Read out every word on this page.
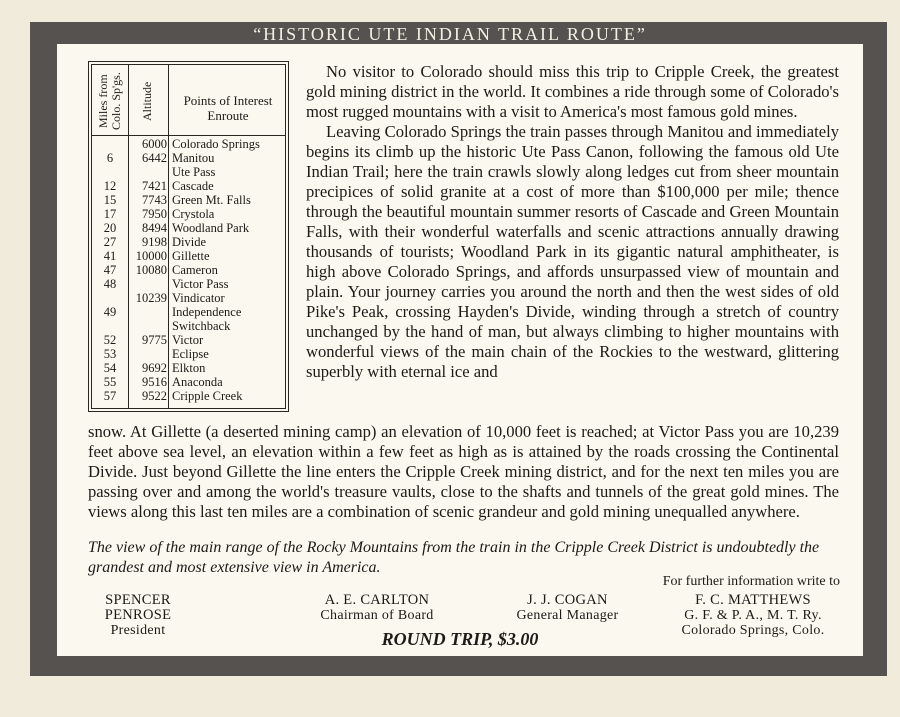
“HISTORIC UTE INDIAN TRAIL ROUTE”
Miles from Colo. Sp'gs. Altitude	Points of Interest Enroute
6000 Colorado Springs
6	6442 Manitou
Ute Pass
12	7421 Cascade
15	7743 Green Mt. Falls
17	7950 Crystola
20	8494 Woodland Park
27	9198 Divide
41	10000 Gillette
47	10080 Cameron
48	Victor Pass
10239 Vindicator
49	Independence
Switchback
52	9775 Victor
53	Eclipse
54	9692 Elkton
55	9516 Anaconda
57	9522 Cripple Creek

No visitor to Colorado should miss this trip to Cripple Creek, the greatest gold mining district in the world. It combines a ride through some of Colorado's most rugged mountains with a visit to America's most famous gold mines.

Leaving Colorado Springs the train passes through Manitou and immediately begins its climb up the historic Ute Pass Canon, following the famous old Ute Indian Trail; here the train crawls slowly along ledges cut from sheer mountain precipices of solid granite at a cost of more than $100,000 per mile; thence through the beautiful mountain summer resorts of Cascade and Green Mountain Falls, with their wonderful waterfalls and scenic attractions annually drawing thousands of tourists; Woodland Park in its gigantic natural amphitheater, is high above Colorado Springs, and affords unsurpassed view of mountain and plain. Your journey carries you around the north and then the west sides of old Pike's Peak, crossing Hayden's Divide, winding through a stretch of country unchanged by the hand of man, but always climbing to higher mountains with wonderful views of the main chain of the Rockies to the westward, glittering superbly with eternal ice and

snow. At Gillette (a deserted mining camp) an elevation of 10,000 feet is reached; at Victor Pass you are 10,239 feet above sea level, an elevation within a few feet as high as is attained by the roads crossing the Continental Divide. Just beyond Gillette the line enters the Cripple Creek mining district, and for the next ten miles you are passing over and among the world's treasure vaults, close to the shafts and tunnels of the great gold mines. The views along this last ten miles are a combination of scenic grandeur and gold mining unequalled anywhere.

The view of the main range of the Rocky Mountains from the train in the Cripple Creek District is undoubtedly the grandest and most extensive view in America.
For further information write to
SPENCER PENROSE
President
A. E. CARLTON
Chairman of Board
J. J. COGAN
General Manager
F. C. MATTHEWS
G. F. & P. A., M. T. Ry.
Colorado Springs, Colo.
ROUND TRIP, $3.00
